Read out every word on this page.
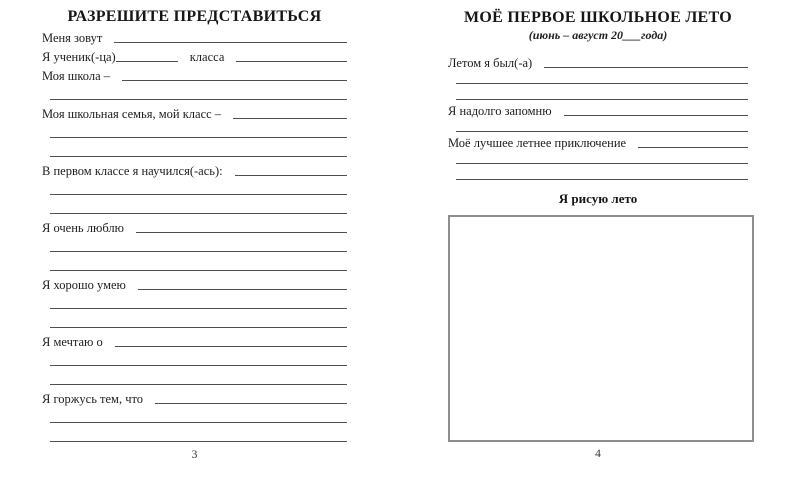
РАЗРЕШИТЕ ПРЕДСТАВИТЬСЯ
Меня зовут
Я ученик(-ца)	класса
Моя школа –
Моя школьная семья, мой класс –
В первом классе я научился(-ась):
Я очень люблю
Я хорошо умею
Я мечтаю о
Я горжусь тем, что
3
МОЁ ПЕРВОЕ ШКОЛЬНОЕ ЛЕТО
(июнь – август 20___года)
Летом я был(-а)
Я надолго запомню
Моё лучшее летнее приключение
Я рисую лето
4
